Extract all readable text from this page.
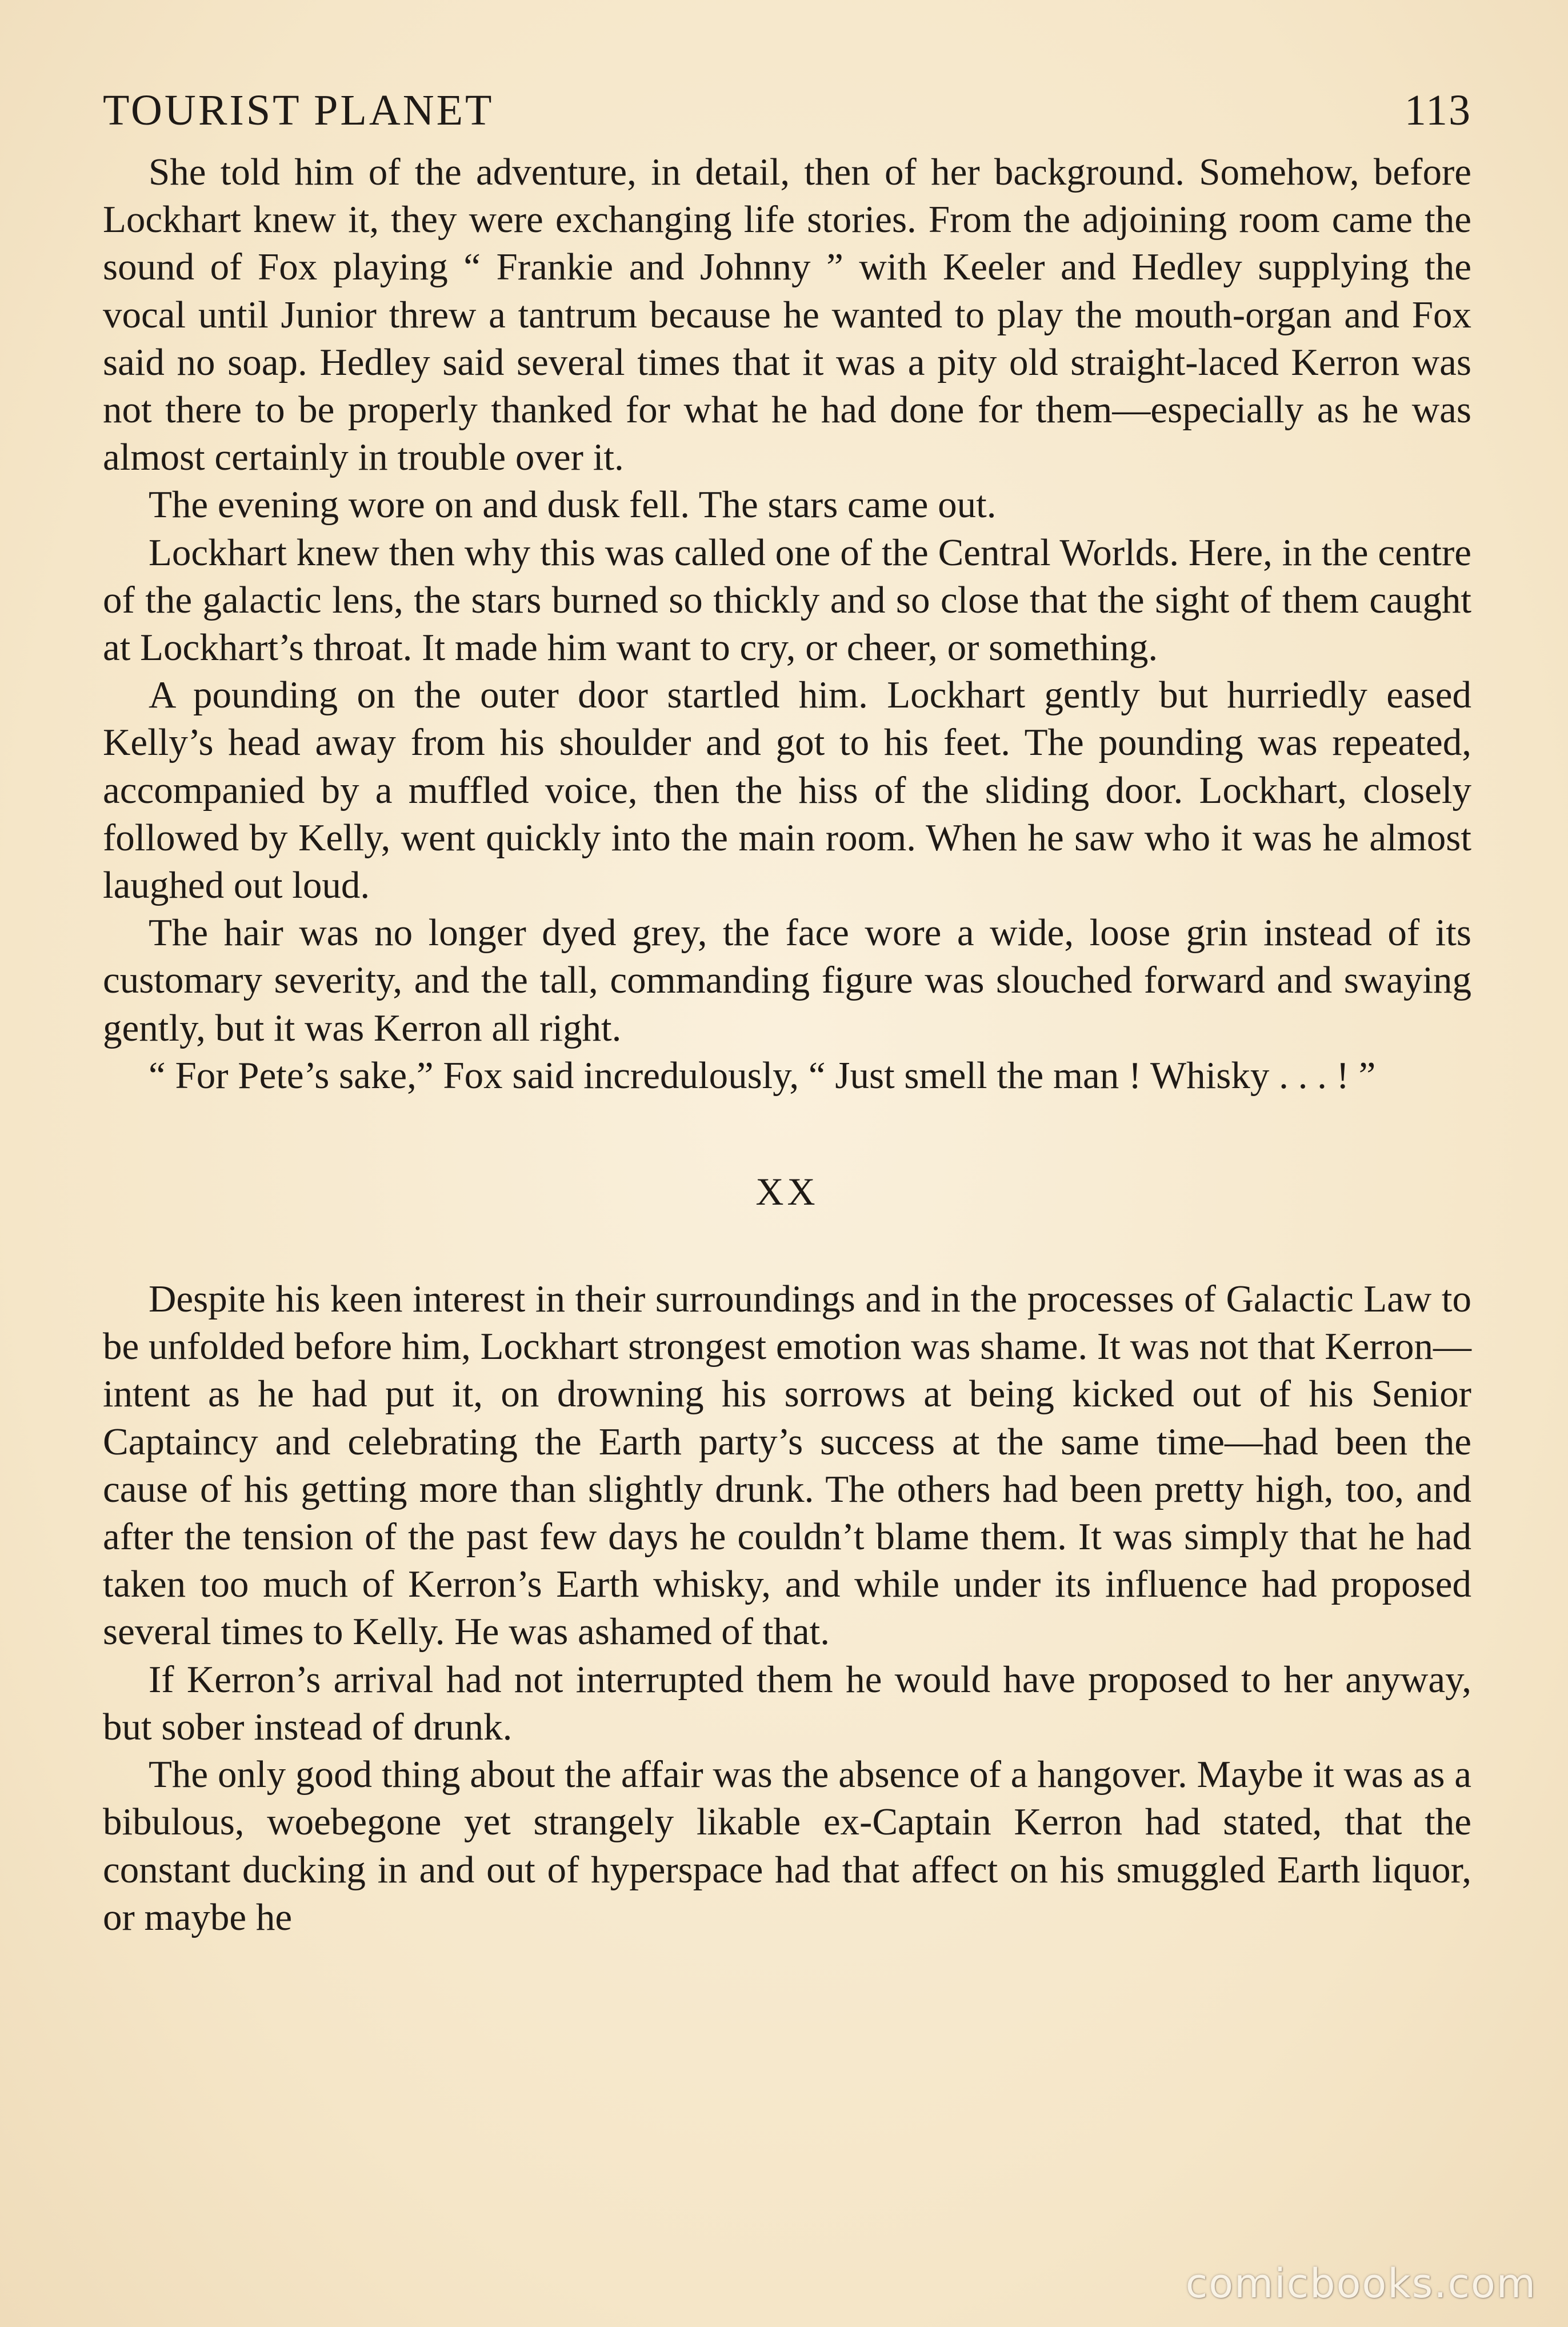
TOURIST PLANET	113

She told him of the adventure, in detail, then of her background. Somehow, before Lockhart knew it, they were exchanging life stories. From the adjoining room came the sound of Fox playing “ Frankie and Johnny ” with Keeler and Hedley supplying the vocal until Junior threw a tantrum because he wanted to play the mouth-organ and Fox said no soap. Hedley said several times that it was a pity old straight-laced Kerron was not there to be properly thanked for what he had done for them—especially as he was almost certainly in trouble over it.

The evening wore on and dusk fell. The stars came out.

Lockhart knew then why this was called one of the Central Worlds. Here, in the centre of the galactic lens, the stars burned so thickly and so close that the sight of them caught at Lockhart’s throat. It made him want to cry, or cheer, or something.

A pounding on the outer door startled him. Lockhart gently but hurriedly eased Kelly’s head away from his shoulder and got to his feet. The pounding was repeated, accompanied by a muffled voice, then the hiss of the sliding door. Lockhart, closely followed by Kelly, went quickly into the main room. When he saw who it was he almost laughed out loud.

The hair was no longer dyed grey, the face wore a wide, loose grin instead of its customary severity, and the tall, commanding figure was slouched forward and swaying gently, but it was Kerron all right.

“ For Pete’s sake,” Fox said incredulously, “ Just smell the man ! Whisky . . . ! ”

XX

Despite his keen interest in their surroundings and in the processes of Galactic Law to be unfolded before him, Lockhart strongest emotion was shame. It was not that Kerron—intent as he had put it, on drowning his sorrows at being kicked out of his Senior Captaincy and celebrating the Earth party’s success at the same time—had been the cause of his getting more than slightly drunk. The others had been pretty high, too, and after the tension of the past few days he couldn’t blame them. It was simply that he had taken too much of Kerron’s Earth whisky, and while under its influence had proposed several times to Kelly. He was ashamed of that.

If Kerron’s arrival had not interrupted them he would have proposed to her anyway, but sober instead of drunk.

The only good thing about the affair was the absence of a hangover. Maybe it was as a bibulous, woebegone yet strangely likable ex-Captain Kerron had stated, that the constant ducking in and out of hyperspace had that affect on his smuggled Earth liquor, or maybe he

comicbooks.com
